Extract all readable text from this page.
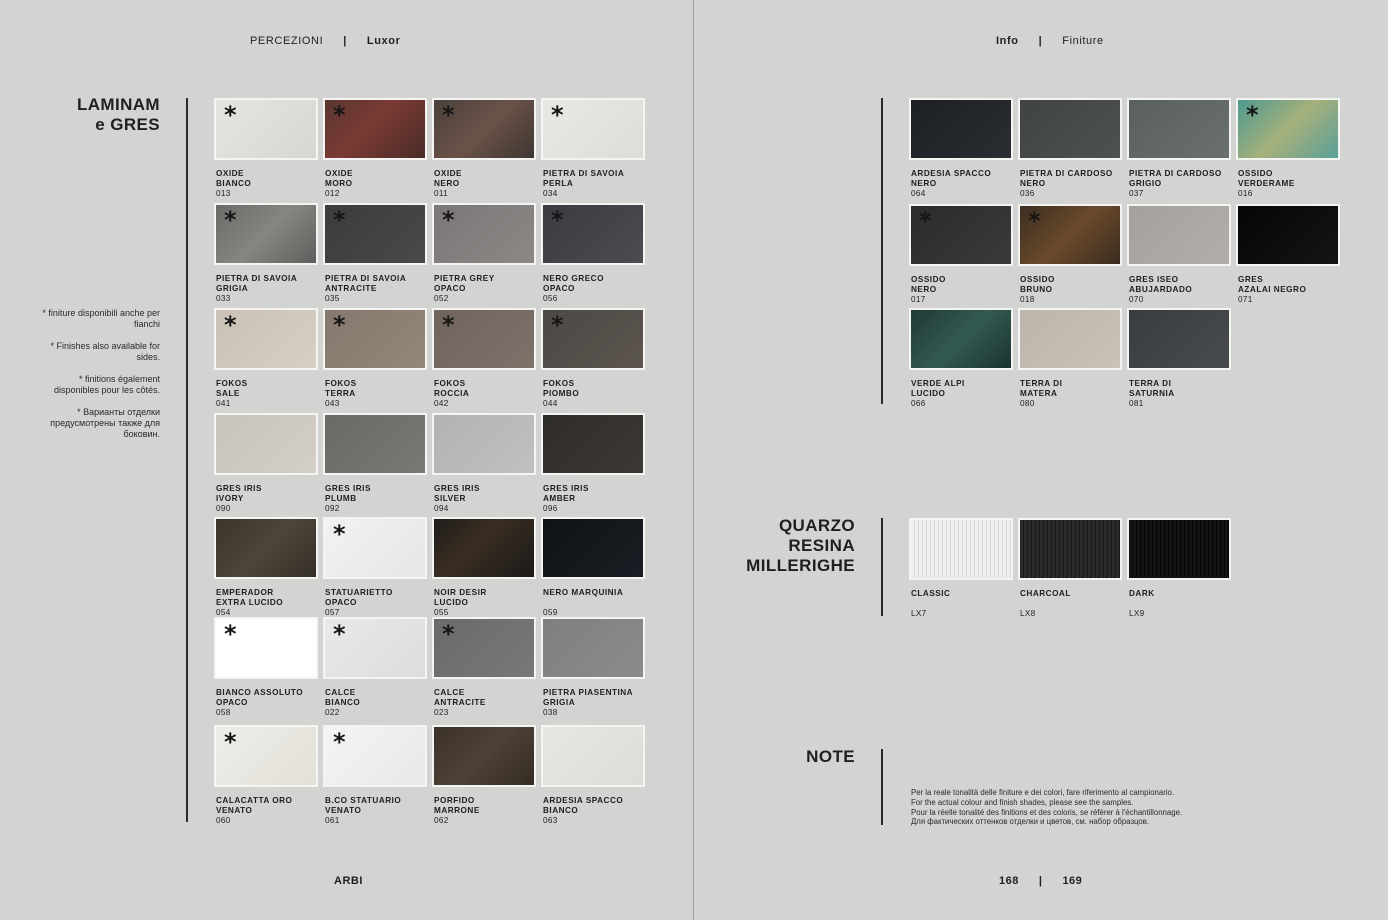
PERCEZIONI | Luxor	Info | Finiture
LAMINAM
e GRES

* finiture disponibili anche per fianchi

* Finishes also available for sides.

* finitions également disponibles pour les côtés.

* Варианты отделки предусмотрены также для боковин.

*
OXIDE
BIANCO
013
*
OXIDE
MORO
012
*
OXIDE
NERO
011
*
PIETRA DI SAVOIA
PERLA
034
*
PIETRA DI SAVOIA
GRIGIA
033
*
PIETRA DI SAVOIA
ANTRACITE
035
*
PIETRA GREY
OPACO
052
*
NERO GRECO
OPACO
056
*
FOKOS
SALE
041
*
FOKOS
TERRA
043
*
FOKOS
ROCCIA
042
*
FOKOS
PIOMBO
044
GRES IRIS
IVORY
090
GRES IRIS
PLUMB
092
GRES IRIS
SILVER
094
GRES IRIS
AMBER
096
EMPERADOR
EXTRA LUCIDO
054
*
STATUARIETTO
OPACO
057
NOIR DESIR
LUCIDO
055
NERO MARQUINIA
059
*
BIANCO ASSOLUTO
OPACO
058
*
CALCE
BIANCO
022
*
CALCE
ANTRACITE
023
PIETRA PIASENTINA
GRIGIA
038
*
CALACATTA ORO
VENATO
060
*
B.CO STATUARIO
VENATO
061
PORFIDO
MARRONE
062
ARDESIA SPACCO
BIANCO
063
ARDESIA SPACCO
NERO
064
PIETRA DI CARDOSO
NERO
036
PIETRA DI CARDOSO
GRIGIO
037
*
OSSIDO
VERDERAME
016
*
OSSIDO
NERO
017
*
OSSIDO
BRUNO
018
GRES ISEO
ABUJARDADO
070
GRES
AZALAI NEGRO
071
VERDE ALPI
LUCIDO
066
TERRA DI
MATERA
080
TERRA DI
SATURNIA
081
QUARZO
RESINA
MILLERIGHE
CLASSIC
LX7
CHARCOAL
LX8
DARK
LX9
NOTE
Per la reale tonalità delle finiture e dei colori, fare riferimento al campionario.
For the actual colour and finish shades, please see the samples.
Pour la réelle tonalité des finitions et des coloris, se référer à l'échantillonnage.
Для фактических оттенков отделки и цветов, см. набор образцов.
ARBI	168 | 169
